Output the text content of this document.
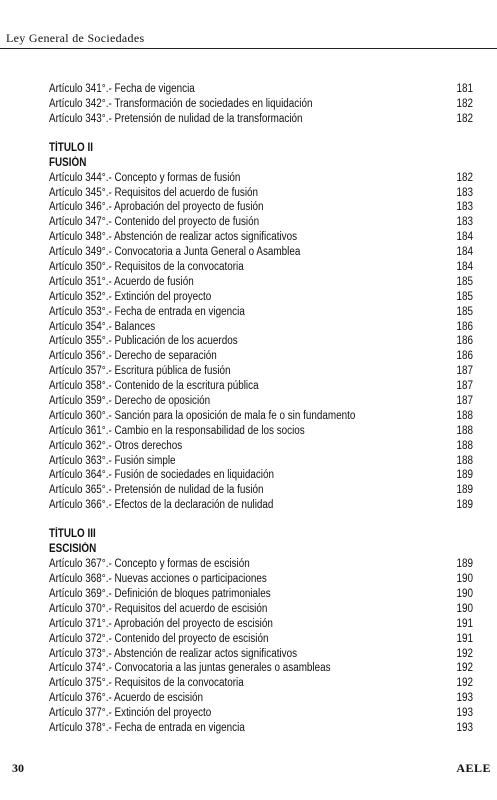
Ley General de Sociedades
Artículo 341°.- Fecha de vigencia	181
Artículo 342°.- Transformación de sociedades en liquidación	182
Artículo 343°.- Pretensión de nulidad de la transformación	182
TÍTULO II
FUSIÓN
Artículo 344°.- Concepto y formas de fusión	182
Artículo 345°.- Requisitos del acuerdo de fusión	183
Artículo 346°.- Aprobación del proyecto de fusión	183
Artículo 347°.- Contenido del proyecto de fusión	183
Artículo 348°.- Abstención de realizar actos significativos	184
Artículo 349°.- Convocatoria a Junta General o Asamblea	184
Artículo 350°.- Requisitos de la convocatoria	184
Artículo 351°.- Acuerdo de fusión	185
Artículo 352°.- Extinción del proyecto	185
Artículo 353°.- Fecha de entrada en vigencia	185
Artículo 354°.- Balances	186
Artículo 355°.- Publicación de los acuerdos	186
Artículo 356°.- Derecho de separación	186
Artículo 357°.- Escritura pública de fusión	187
Artículo 358°.- Contenido de la escritura pública	187
Artículo 359°.- Derecho de oposición	187
Artículo 360°.- Sanción para la oposición de mala fe o sin fundamento	188
Artículo 361°.- Cambio en la responsabilidad de los socios	188
Artículo 362°.- Otros derechos	188
Artículo 363°.- Fusión simple	188
Artículo 364°.- Fusión de sociedades en liquidación	189
Artículo 365°.- Pretensión de nulidad de la fusión	189
Artículo 366°.- Efectos de la declaración de nulidad	189
TÍTULO III
ESCISIÓN
Artículo 367°.- Concepto y formas de escisión	189
Artículo 368°.- Nuevas acciones o participaciones	190
Artículo 369°.- Definición de bloques patrimoniales	190
Artículo 370°.- Requisitos del acuerdo de escisión	190
Artículo 371°.- Aprobación del proyecto de escisión	191
Artículo 372°.- Contenido del proyecto de escisión	191
Artículo 373°.- Abstención de realizar actos significativos	192
Artículo 374°.- Convocatoria a las juntas generales o asambleas	192
Artículo 375°.- Requisitos de la convocatoria	192
Artículo 376°.- Acuerdo de escisión	193
Artículo 377°.- Extinción del proyecto	193
Artículo 378°.- Fecha de entrada en vigencia	193
30	AELE
